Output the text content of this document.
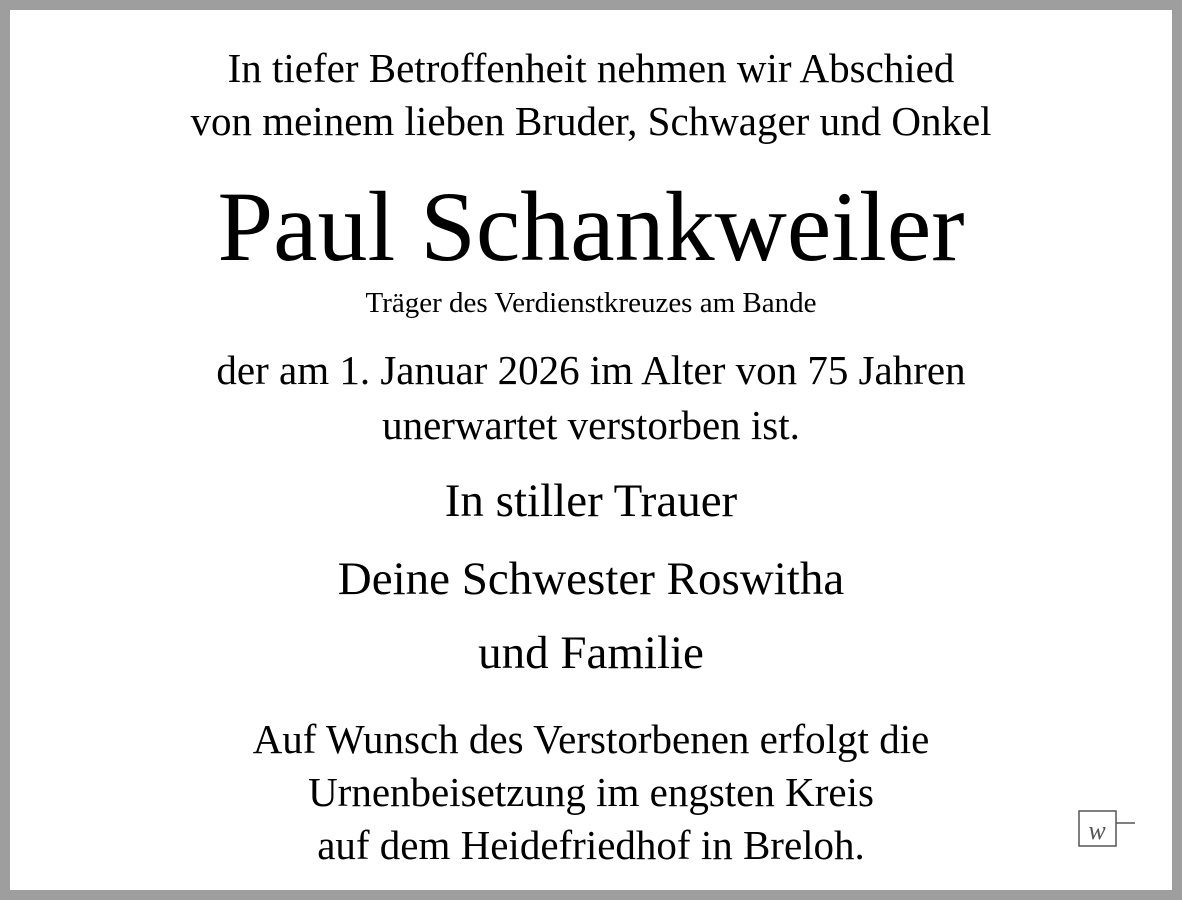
In tiefer Betroffenheit nehmen wir Abschied
von meinem lieben Bruder, Schwager und Onkel
Paul Schankweiler
Träger des Verdienstkreuzes am Bande
der am 1. Januar 2026 im Alter von 75 Jahren
unerwartet verstorben ist.
In stiller Trauer
Deine Schwester Roswitha
und Familie
Auf Wunsch des Verstorbenen erfolgt die
Urnenbeisetzung im engsten Kreis
auf dem Heidefriedhof in Breloh.	w
